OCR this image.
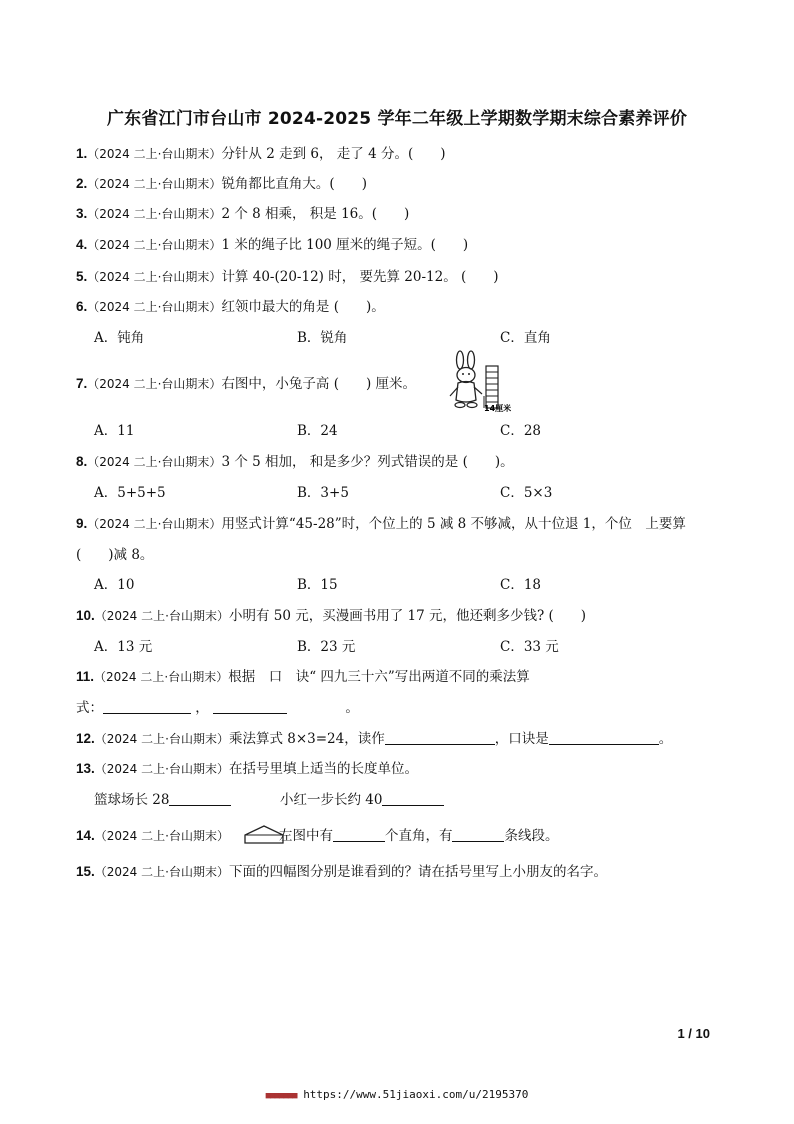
广东省江门市台山市 2024-2025 学年二年级上学期数学期末综合素养评价
1.（2024 二上·台山期末）分针从 2 走到 6， 走了 4 分。(　　)
2.（2024 二上·台山期末）锐角都比直角大。(　　)
3.（2024 二上·台山期末）2 个 8 相乘， 积是 16。(　　)
4.（2024 二上·台山期末）1 米的绳子比 100 厘米的绳子短。(　　)
5.（2024 二上·台山期末）计算 40-(20-12) 时， 要先算 20-12。 (　　)
6.（2024 二上·台山期末）红领巾最大的角是 (　　)。
A．钝角	B．锐角	C．直角
7.（2024 二上·台山期末）右图中，小兔子高 (　　) 厘米。
14厘米
A．11	B．24	C．28
8.（2024 二上·台山期末）3 个 5 相加， 和是多少？列式错误的是 (　　)。
A．5+5+5	B．3+5	C．5×3
9.（2024 二上·台山期末）用竖式计算“45-28”时，个位上的 5 减 8 不够减，从十位退 1，个位　上要算
(　　)减 8。
A．10	B．15	C．18
10.（2024 二上·台山期末）小明有 50 元，买漫画书用了 17 元，他还剩多少钱? (　　)
A．13 元	B．23 元	C．33 元
11.（2024 二上·台山期末）根据　口　诀“ 四九三十六”写出两道不同的乘法算
式：	，	。
12.（2024 二上·台山期末）乘法算式 8×3=24，读作	，口诀是	。
13.（2024 二上·台山期末）在括号里填上适当的长度单位。
篮球场长 28	小红一步长约 40
14.（2024 二上·台山期末）	左图中有	个直角，有	条线段。
15.（2024 二上·台山期末）下面的四幅图分别是谁看到的？请在括号里写上小朋友的名字。
1 / 10
■■■■■■■ https://www.51jiaoxi.com/u/2195370
